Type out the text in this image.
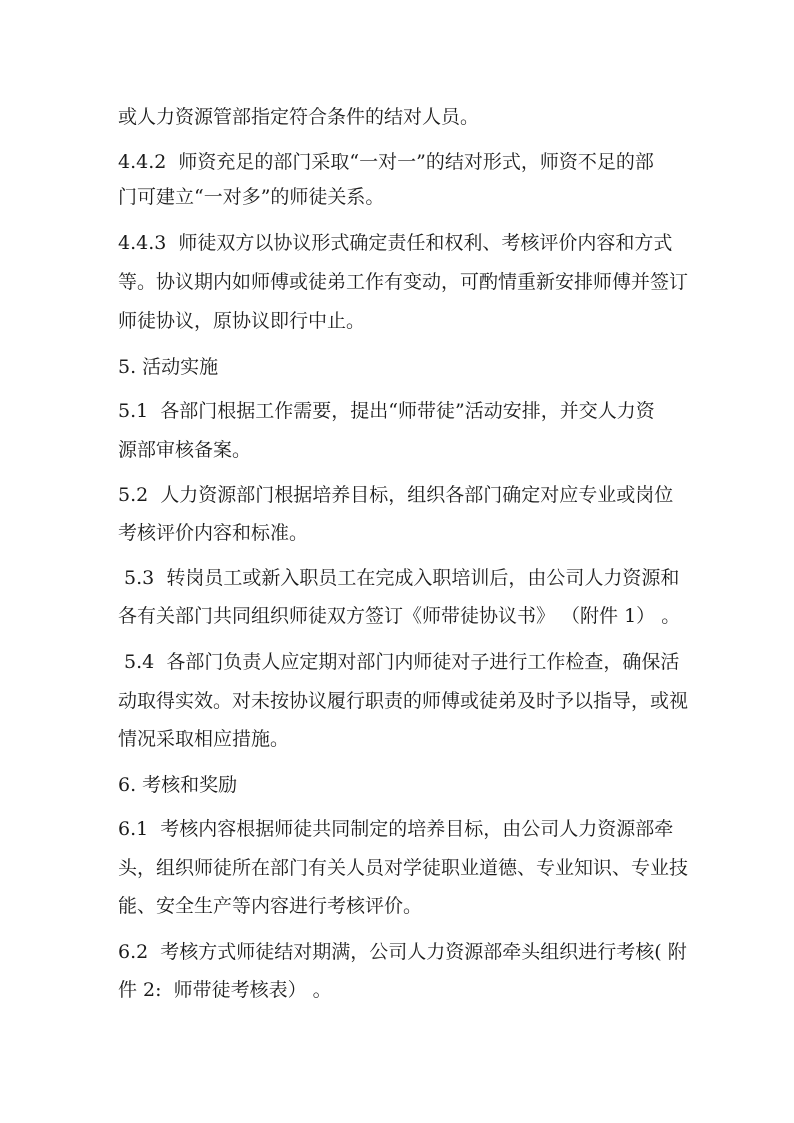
或人力资源管部指定符合条件的结对人员。

4.4.2  师资充足的部门采取“一对一”的结对形式，师资不足的部

门可建立“一对多”的师徒关系。

4.4.3  师徒双方以协议形式确定责任和权利、考核评价内容和方式

等。协议期内如师傅或徒弟工作有变动，可酌情重新安排师傅并签订

师徒协议，原协议即行中止。

5. 活动实施

5.1  各部门根据工作需要，提出“师带徒”活动安排，并交人力资

源部审核备案。

5.2  人力资源部门根据培养目标，组织各部门确定对应专业或岗位

考核评价内容和标准。

5.3  转岗员工或新入职员工在完成入职培训后，由公司人力资源和

各有关部门共同组织师徒双方签订《师带徒协议书》 （附件 1） 。

5.4  各部门负责人应定期对部门内师徒对子进行工作检查，确保活

动取得实效。对未按协议履行职责的师傅或徒弟及时予以指导，或视

情况采取相应措施。

6. 考核和奖励

6.1  考核内容根据师徒共同制定的培养目标，由公司人力资源部牵

头，组织师徒所在部门有关人员对学徒职业道德、专业知识、专业技

能、安全生产等内容进行考核评价。

6.2  考核方式师徒结对期满，公司人力资源部牵头组织进行考核( 附

件 2:  师带徒考核表） 。
